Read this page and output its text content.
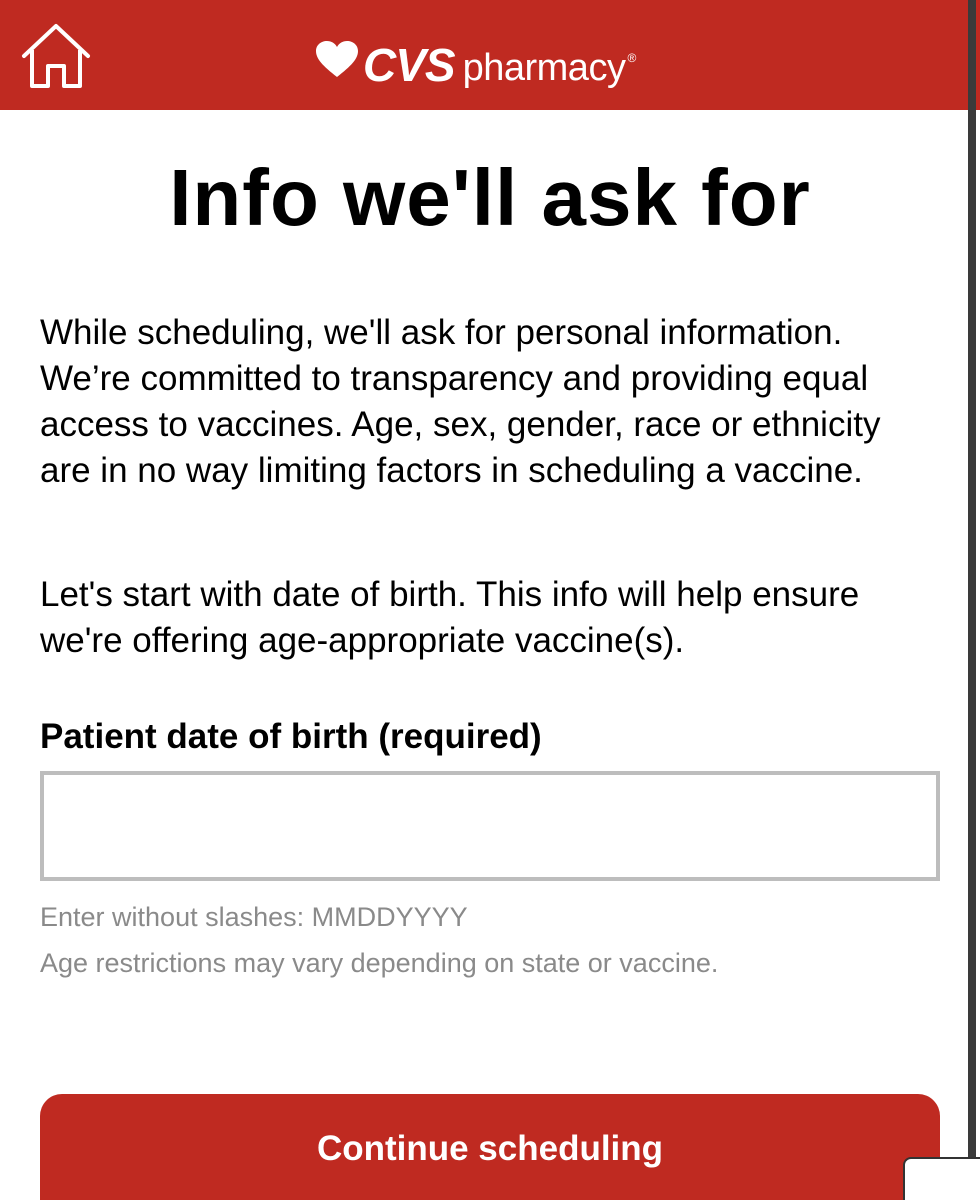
CVS pharmacy ®
Info we'll ask for

While scheduling, we'll ask for personal information. We’re committed to transparency and providing equal access to vaccines. Age, sex, gender, race or ethnicity are in no way limiting factors in scheduling a vaccine.

Let's start with date of birth. This info will help ensure we're offering age-appropriate vaccine(s).

Patient date of birth (required)
Enter without slashes: MMDDYYYY
Age restrictions may vary depending on state or vaccine.
Continue scheduling
